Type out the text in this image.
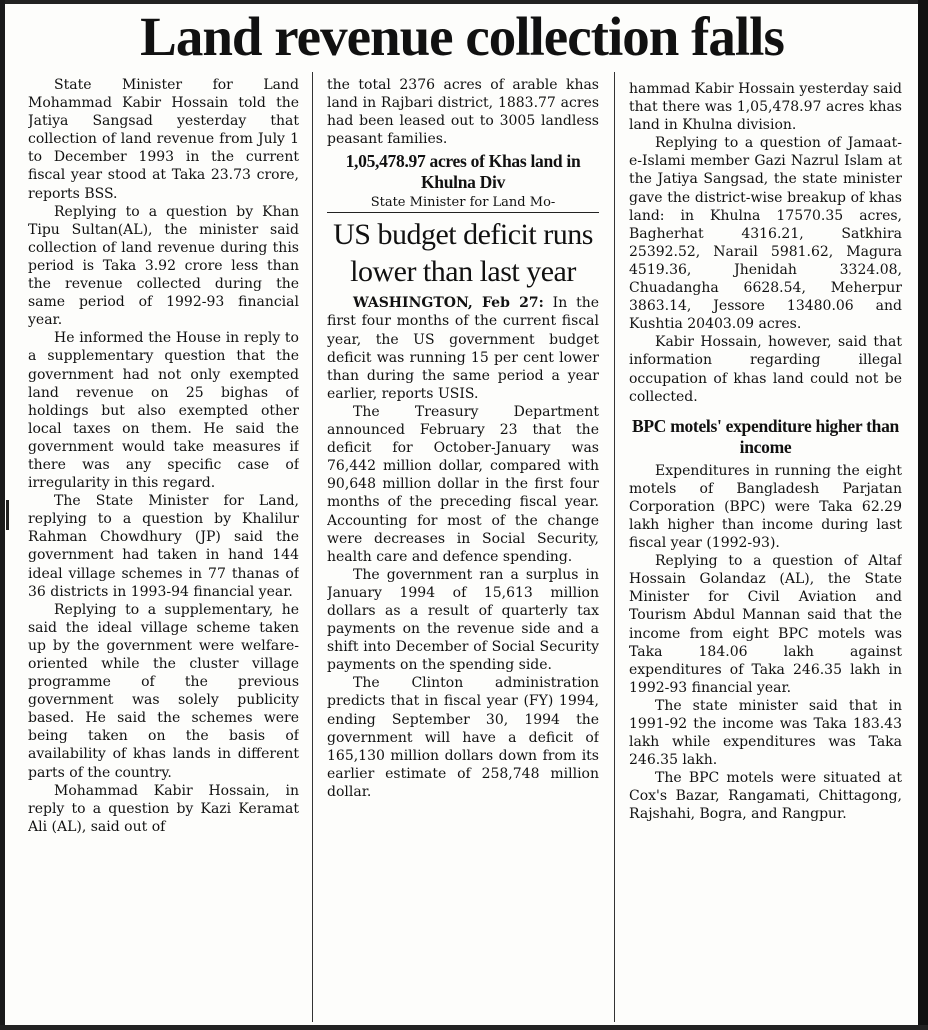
Land revenue collection falls

State Minister for Land Mohammad Kabir Hossain told the Jatiya Sangsad yesterday that collection of land revenue from July 1 to December 1993 in the current fiscal year stood at Taka 23.73 crore, reports BSS.

Replying to a question by Khan Tipu Sultan(AL), the minister said collection of land revenue during this period is Taka 3.92 crore less than the revenue collected during the same period of 1992-93 financial year.

He informed the House in reply to a supplementary question that the government had not only exempted land revenue on 25 bighas of holdings but also exempted other local taxes on them. He said the government would take measures if there was any specific case of irregularity in this regard.

The State Minister for Land, replying to a question by Khalilur Rahman Chowdhury (JP) said the government had taken in hand 144 ideal village schemes in 77 thanas of 36 districts in 1993-94 financial year.

Replying to a supplementary, he said the ideal village scheme taken up by the government were welfare-oriented while the cluster village programme of the previous government was solely publicity based. He said the schemes were being taken on the basis of availability of khas lands in different parts of the country.

Mohammad Kabir Hossain, in reply to a question by Kazi Keramat Ali (AL), said out of

the total 2376 acres of arable khas land in Rajbari district, 1883.77 acres had been leased out to 3005 landless peasant families.

1,05,478.97 acres of Khas land in Khulna Div
State Minister for Land Mo-
US budget deficit runs lower than last year

WASHINGTON, Feb 27: In the first four months of the current fiscal year, the US government budget deficit was running 15 per cent lower than during the same period a year earlier, reports USIS.

The Treasury Department announced February 23 that the deficit for October-January was 76,442 million dollar, compared with 90,648 million dollar in the first four months of the preceding fiscal year. Accounting for most of the change were decreases in Social Security, health care and defence spending.

The government ran a surplus in January 1994 of 15,613 million dollars as a result of quarterly tax payments on the revenue side and a shift into December of Social Security payments on the spending side.

The Clinton administration predicts that in fiscal year (FY) 1994, ending September 30, 1994 the government will have a deficit of 165,130 million dollars down from its earlier estimate of 258,748 million dollar.

hammad Kabir Hossain yesterday said that there was 1,05,478.97 acres khas land in Khulna division.

Replying to a question of Jamaat-e-Islami member Gazi Nazrul Islam at the Jatiya Sangsad, the state minister gave the district-wise breakup of khas land: in Khulna 17570.35 acres, Bagherhat 4316.21, Satkhira 25392.52, Narail 5981.62, Magura 4519.36, Jhenidah 3324.08, Chuadangha 6628.54, Meherpur 3863.14, Jessore 13480.06 and Kushtia 20403.09 acres.

Kabir Hossain, however, said that information regarding illegal occupation of khas land could not be collected.

BPC motels' expenditure higher than income

Expenditures in running the eight motels of Bangladesh Parjatan Corporation (BPC) were Taka 62.29 lakh higher than income during last fiscal year (1992-93).

Replying to a question of Altaf Hossain Golandaz (AL), the State Minister for Civil Aviation and Tourism Abdul Mannan said that the income from eight BPC motels was Taka 184.06 lakh against expenditures of Taka 246.35 lakh in 1992-93 financial year.

The state minister said that in 1991-92 the income was Taka 183.43 lakh while expenditures was Taka 246.35 lakh.

The BPC motels were situated at Cox's Bazar, Rangamati, Chittagong, Rajshahi, Bogra, and Rangpur.
